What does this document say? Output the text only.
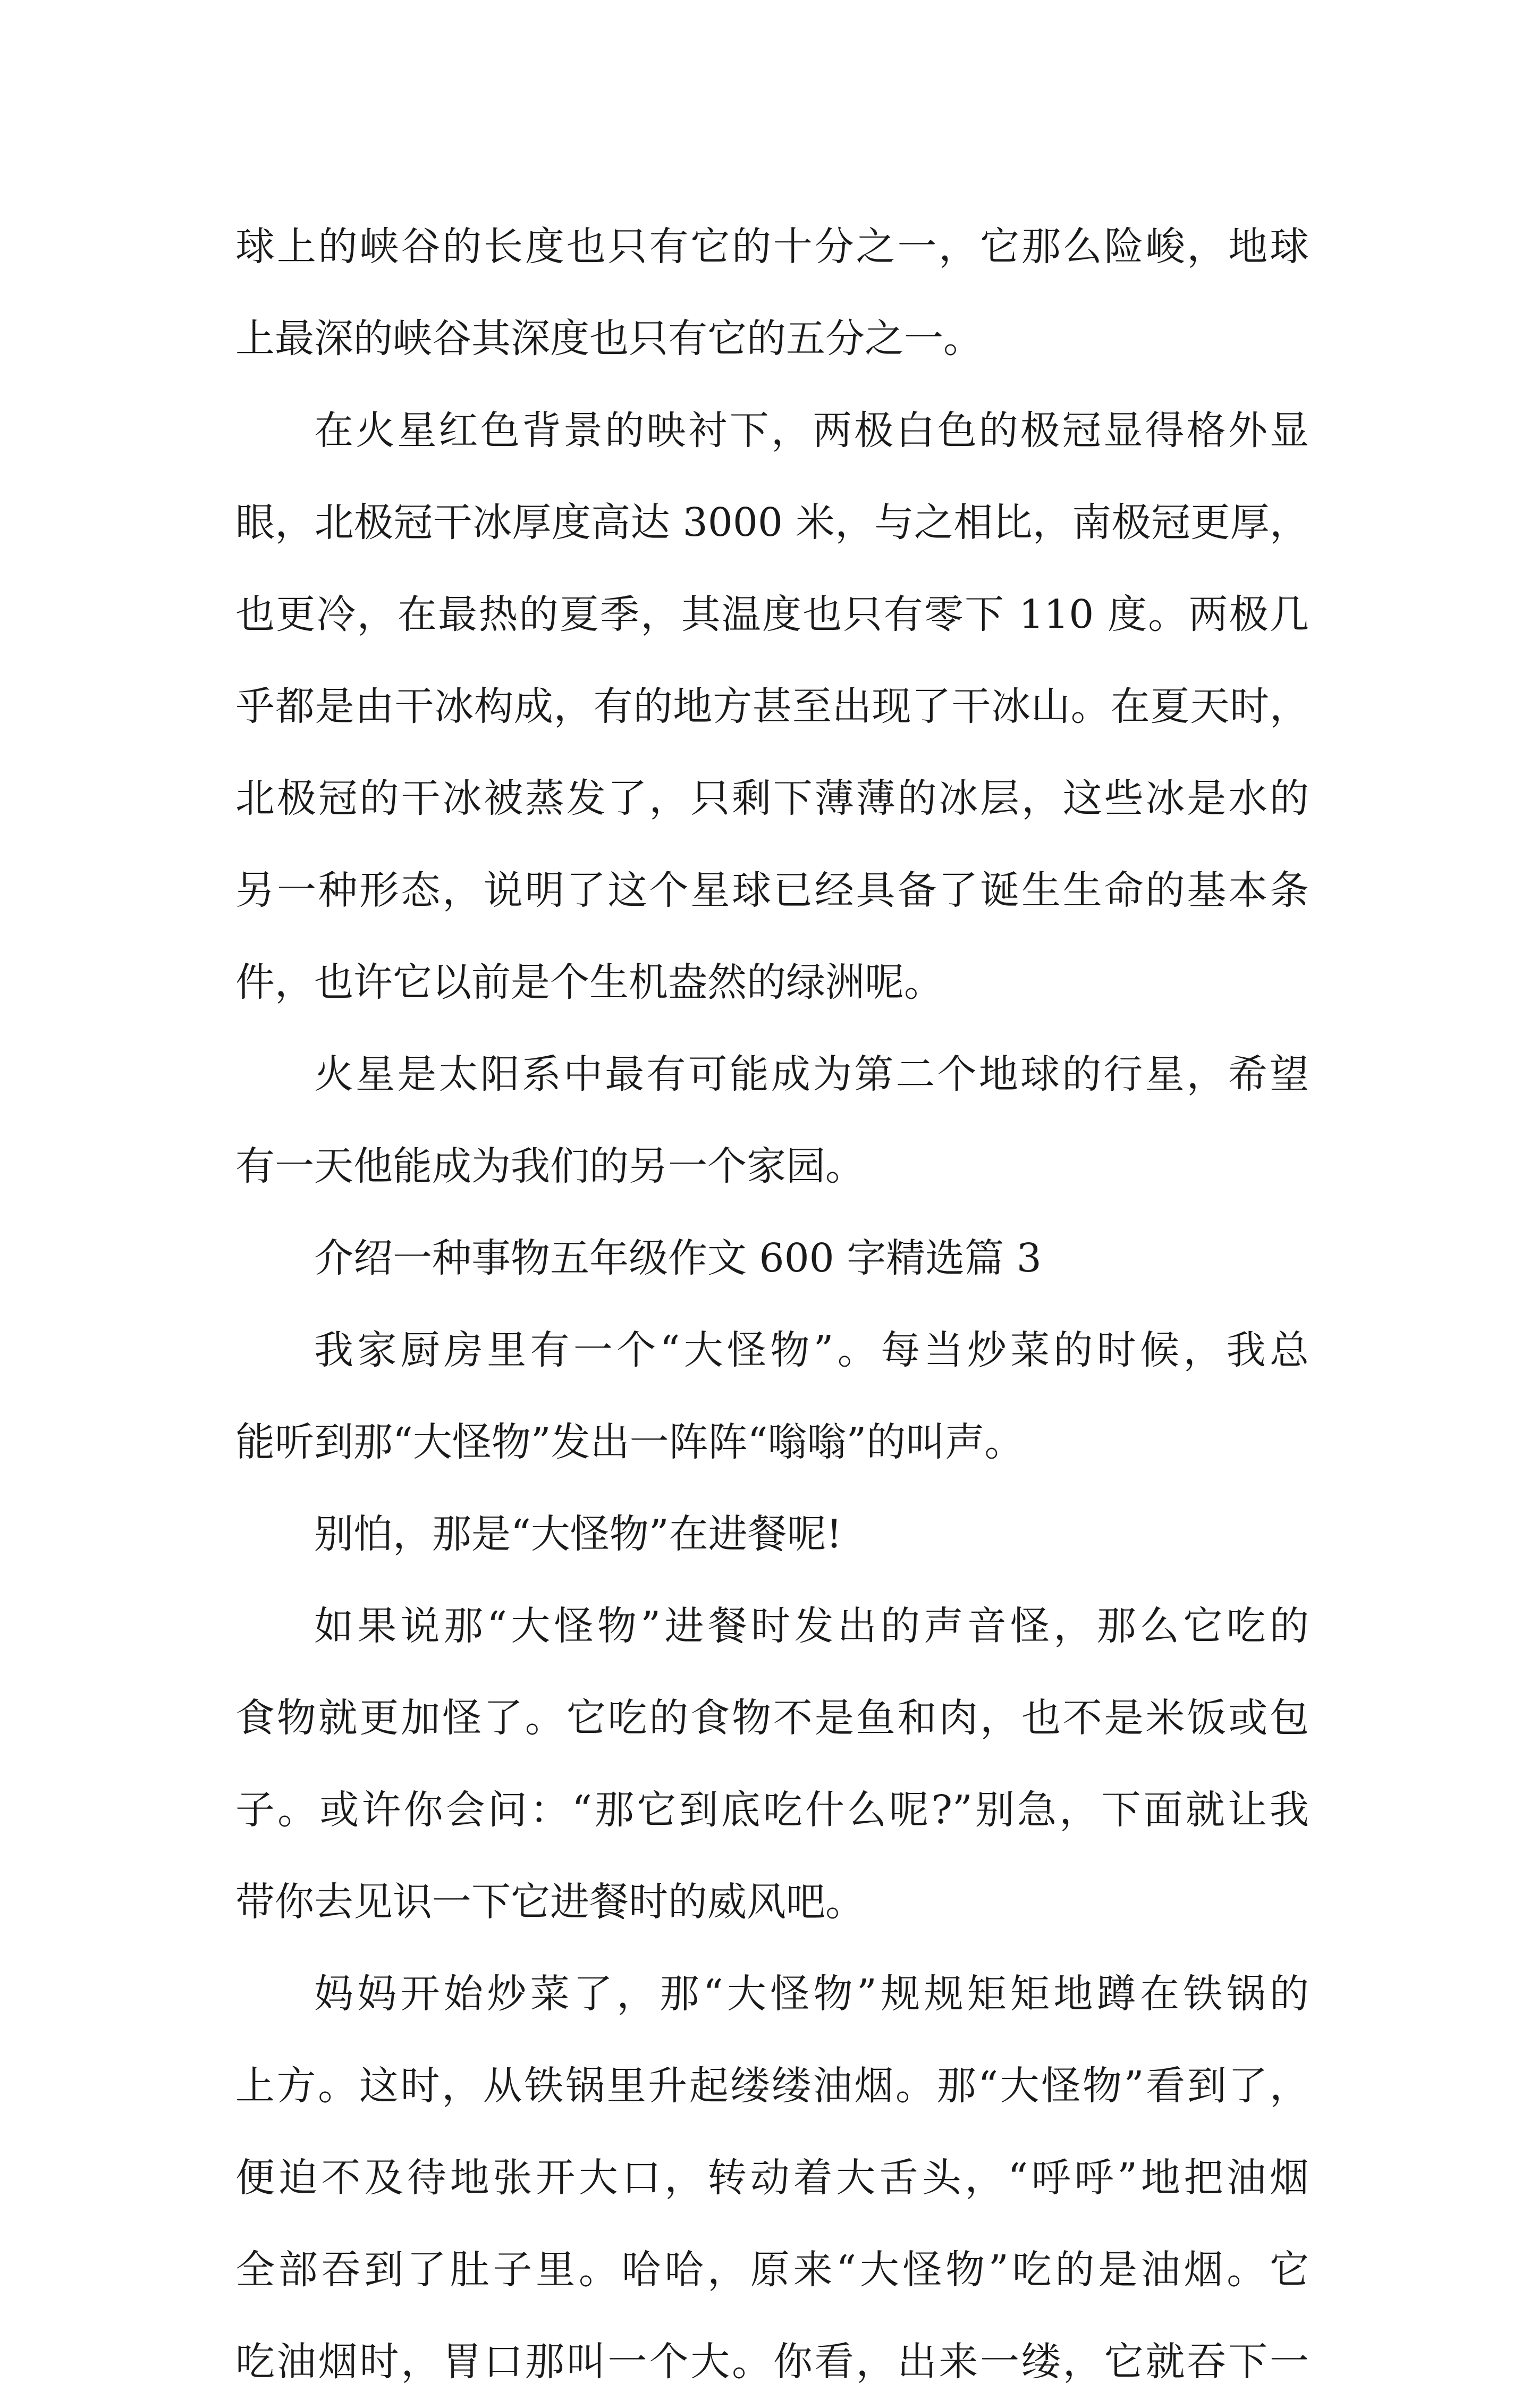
球上的峡谷的长度也只有它的十分之一，它那么险峻，地球
上最深的峡谷其深度也只有它的五分之一。
在火星红色背景的映衬下，两极白色的极冠显得格外显
眼，北极冠干冰厚度高达 3000 米，与之相比，南极冠更厚，
也更冷，在最热的夏季，其温度也只有零下 110 度。两极几
乎都是由干冰构成，有的地方甚至出现了干冰山。在夏天时，
北极冠的干冰被蒸发了，只剩下薄薄的冰层，这些冰是水的
另一种形态，说明了这个星球已经具备了诞生生命的基本条
件，也许它以前是个生机盎然的绿洲呢。
火星是太阳系中最有可能成为第二个地球的行星，希望
有一天他能成为我们的另一个家园。
介绍一种事物五年级作文 600 字精选篇 3
我家厨房里有一个“大怪物”。每当炒菜的时候，我总
能听到那“大怪物”发出一阵阵“嗡嗡”的叫声。
别怕，那是“大怪物”在进餐呢!
如果说那“大怪物”进餐时发出的声音怪，那么它吃的
食物就更加怪了。它吃的食物不是鱼和肉，也不是米饭或包
子。或许你会问：“那它到底吃什么呢?”别急，下面就让我
带你去见识一下它进餐时的威风吧。
妈妈开始炒菜了，那“大怪物”规规矩矩地蹲在铁锅的
上方。这时，从铁锅里升起缕缕油烟。那“大怪物”看到了，
便迫不及待地张开大口，转动着大舌头，“呼呼”地把油烟
全部吞到了肚子里。哈哈，原来“大怪物”吃的是油烟。它
吃油烟时，胃口那叫一个大。你看，出来一缕，它就吞下一
